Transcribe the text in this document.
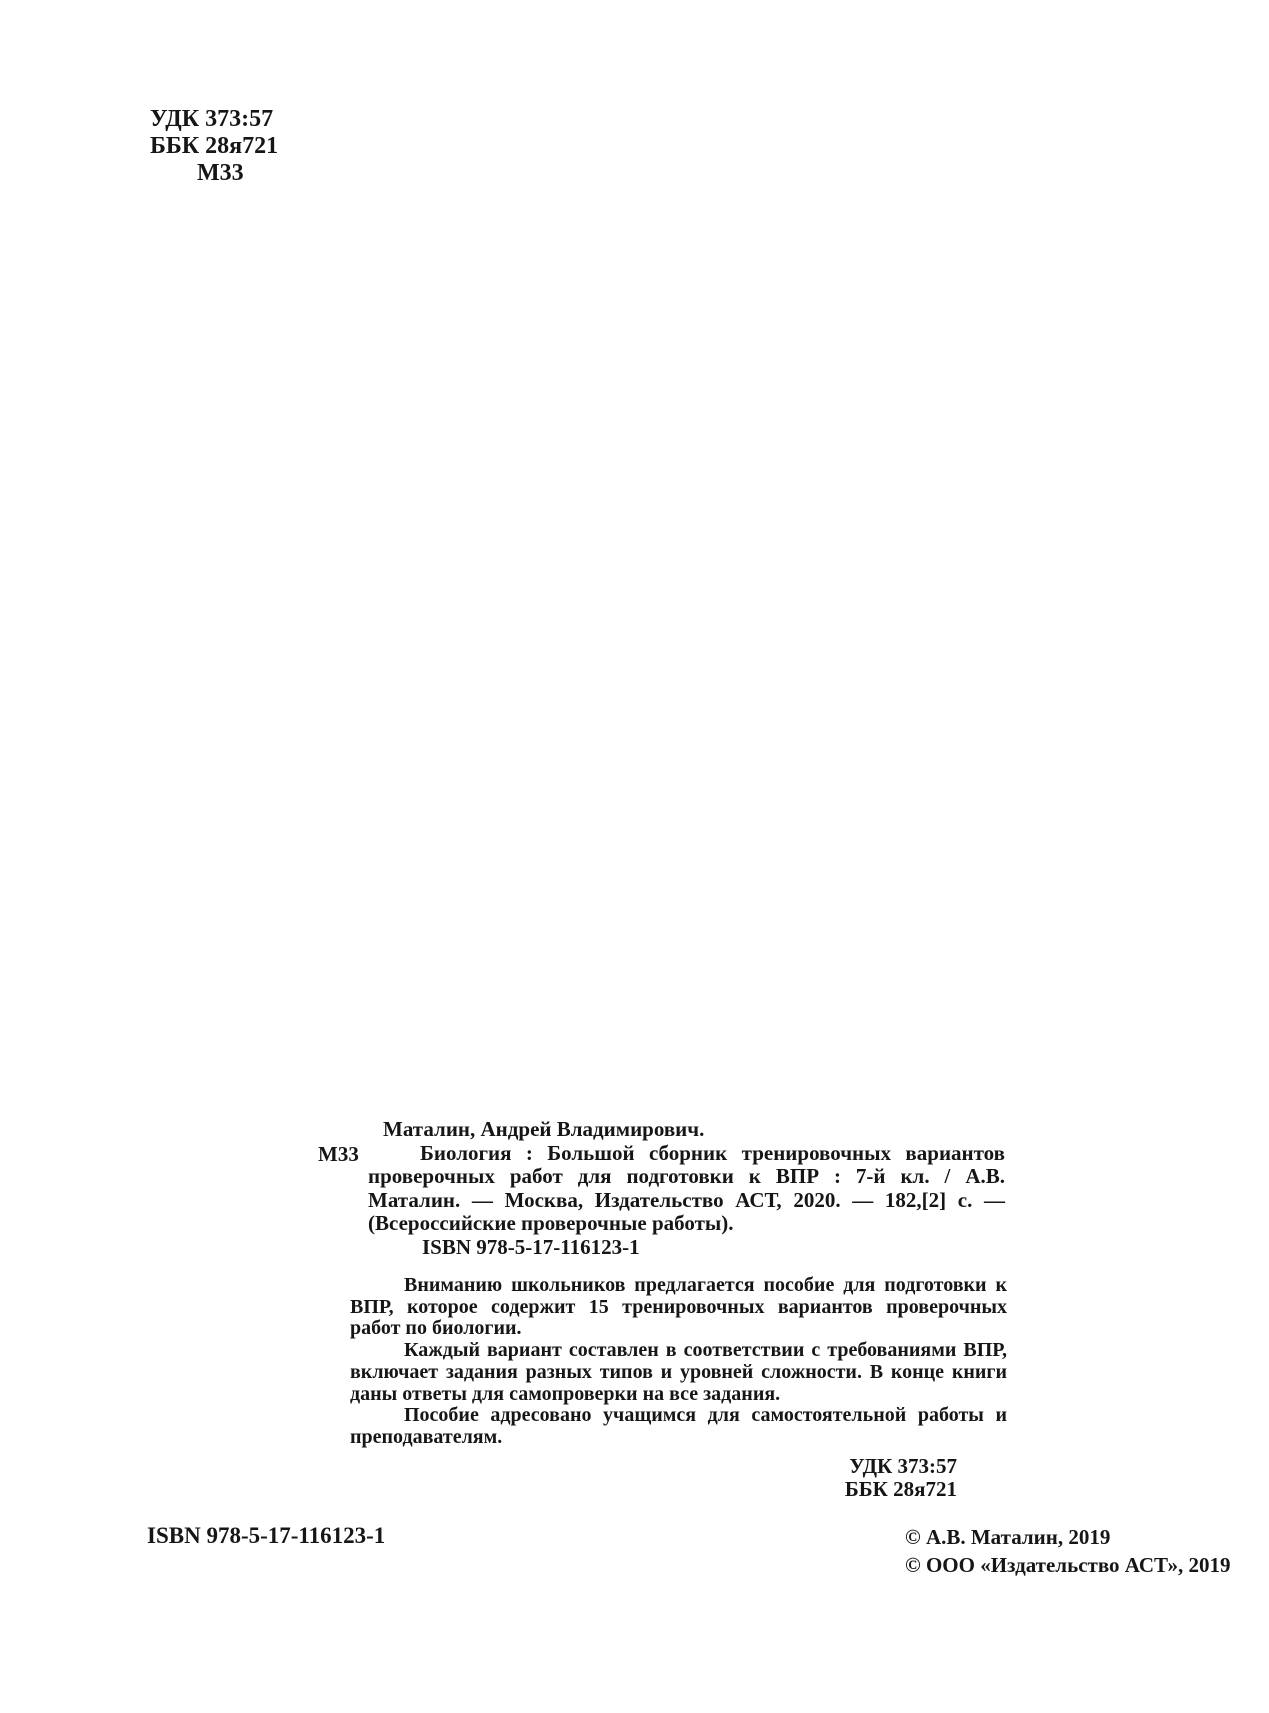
УДК 373:57
ББК 28я721
М33
Маталин, Андрей Владимирович.
М33	Биология : Большой сборник тренировочных вариантов проверочных работ для подготовки к ВПР : 7-й кл. / А.В. Маталин. — Москва, Издательство АСТ, 2020. — 182,[2] с. — (Всероссийские проверочные работы).

ISBN 978-5-17-116123-1

Вниманию школьников предлагается пособие для подготовки к ВПР, которое содержит 15 тренировочных вариантов проверочных работ по биологии.

Каждый вариант составлен в соответствии с требованиями ВПР, включает задания разных типов и уровней сложности. В конце книги даны ответы для самопроверки на все задания.

Пособие адресовано учащимся для самостоятельной работы и преподавателям.

УДК 373:57
ББК 28я721
ISBN 978-5-17-116123-1	© А.В. Маталин, 2019
© ООО «Издательство АСТ», 2019
